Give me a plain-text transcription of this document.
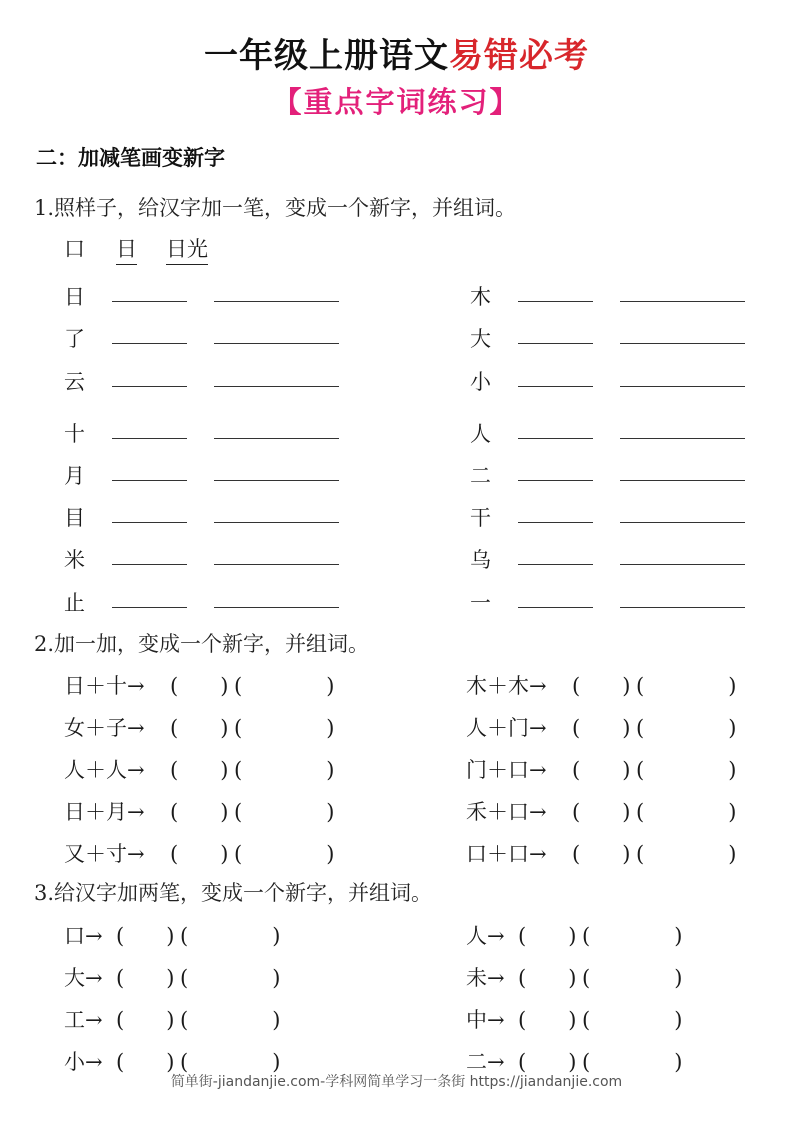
一年级上册语文易错必考
【重点字词练习】
二：加减笔画变新字
1.照样子，给汉字加一笔，变成一个新字，并组词。
口 日 日光
日
了
云
十
月
目
米
止
木
大
小
人
二
干
乌
一
2.加一加，变成一个新字，并组词。
日＋十→ (　　) (　　　　)
女＋子→ (　　) (　　　　)
人＋人→ (　　) (　　　　)
日＋月→ (　　) (　　　　)
又＋寸→ (　　) (　　　　)
木＋木→ (　　) (　　　　)
人＋门→ (　　) (　　　　)
门＋口→ (　　) (　　　　)
禾＋口→ (　　) (　　　　)
口＋口→ (　　) (　　　　)
3.给汉字加两笔，变成一个新字，并组词。
口→ (　　) (　　　　)
大→ (　　) (　　　　)
工→ (　　) (　　　　)
小→ (　　) (　　　　)
人→ (　　) (　　　　)
未→ (　　) (　　　　)
中→ (　　) (　　　　)
二→ (　　) (　　　　)
简单街-jiandanjie.com-学科网简单学习一条街 https://jiandanjie.com
